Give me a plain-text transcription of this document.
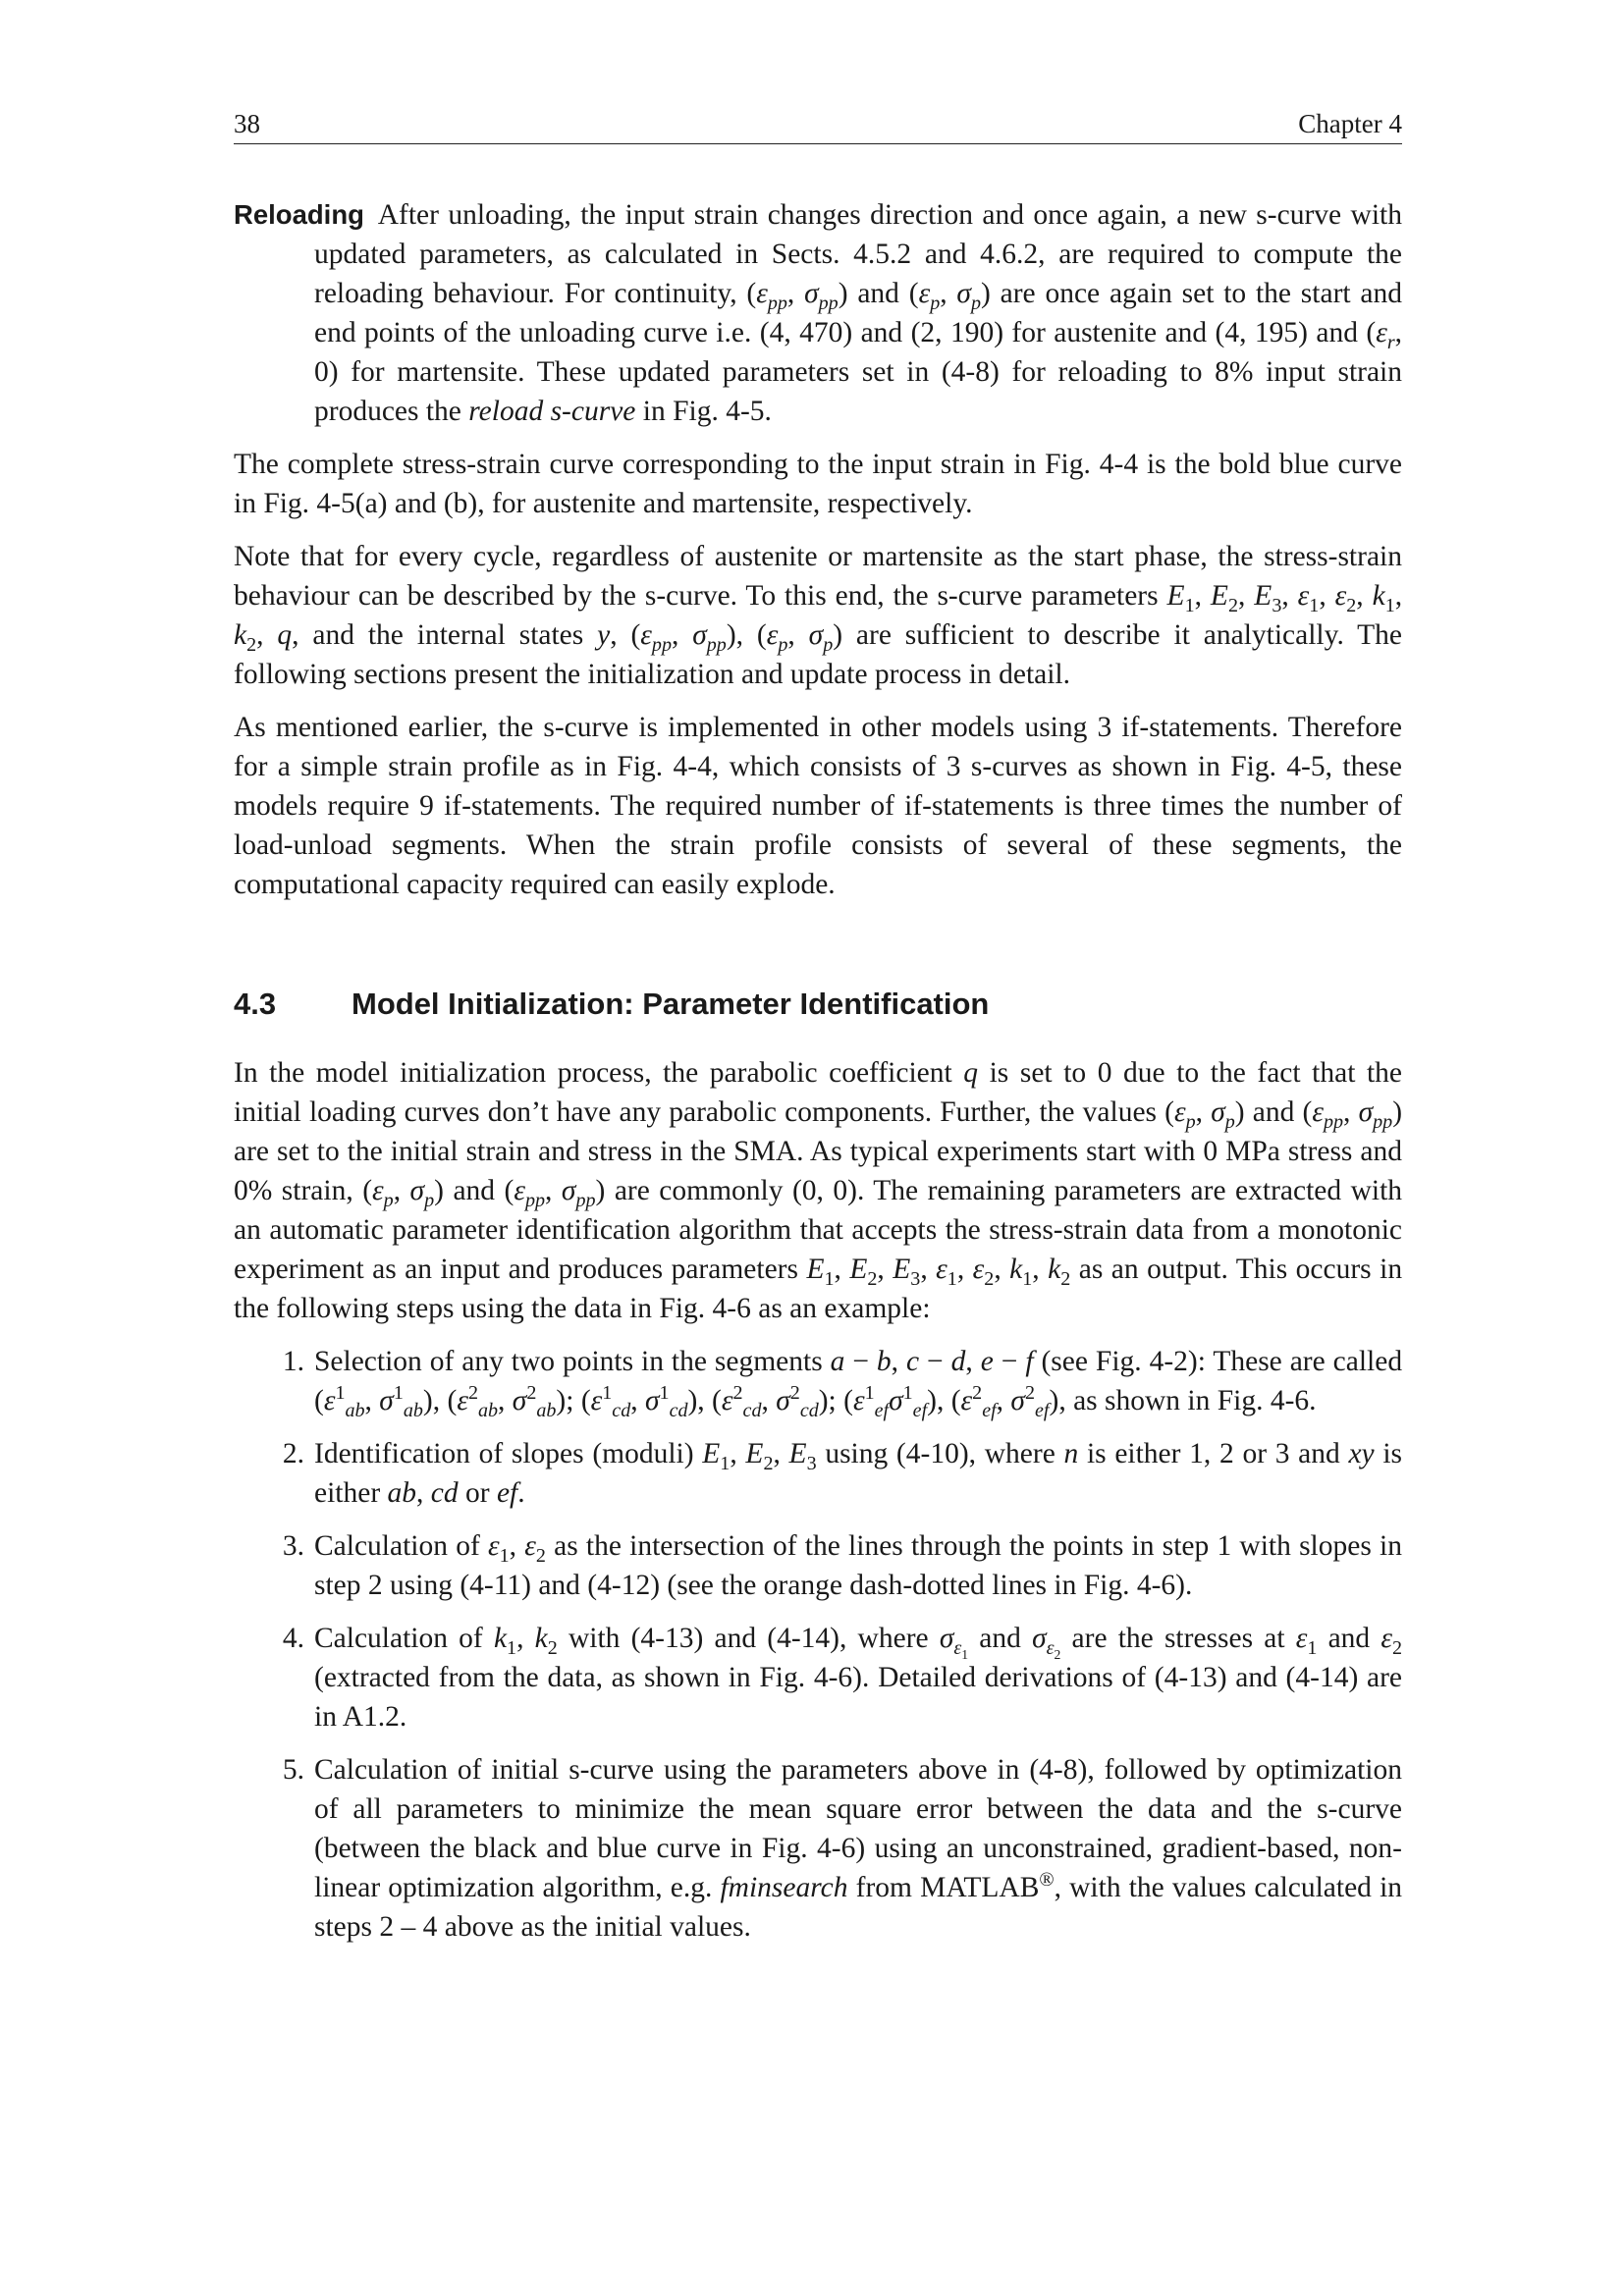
38	Chapter 4

Reloading After unloading, the input strain changes direction and once again, a new s-curve with updated parameters, as calculated in Sects. 4.5.2 and 4.6.2, are required to compute the reloading behaviour. For continuity, ($\varepsilon_{pp}$, $\sigma_{pp}$) and ($\varepsilon_p$, $\sigma_p$) are once again set to the start and end points of the unloading curve i.e. (4, 470) and (2, 190) for austenite and (4, 195) and ($\varepsilon_r$, 0) for martensite. These updated parameters set in (4-8) for reloading to 8% input strain produces the reload s-curve in Fig. 4-5.

The complete stress-strain curve corresponding to the input strain in Fig. 4-4 is the bold blue curve in Fig. 4-5(a) and (b), for austenite and martensite, respectively.

Note that for every cycle, regardless of austenite or martensite as the start phase, the stress-strain behaviour can be described by the s-curve. To this end, the s-curve parameters $E_1$, $E_2$, $E_3$, $\varepsilon_1$, $\varepsilon_2$, $k_1$, $k_2$, q, and the internal states y, ($\varepsilon_{pp}$, $\sigma_{pp}$), ($\varepsilon_p$, $\sigma_p$) are sufficient to describe it analytically. The following sections present the initialization and update process in detail.

As mentioned earlier, the s-curve is implemented in other models using 3 if-statements. Therefore for a simple strain profile as in Fig. 4-4, which consists of 3 s-curves as shown in Fig. 4-5, these models require 9 if-statements. The required number of if-statements is three times the number of load-unload segments. When the strain profile consists of several of these segments, the computational capacity required can easily explode.

4.3	Model Initialization: Parameter Identification

In the model initialization process, the parabolic coefficient q is set to 0 due to the fact that the initial loading curves don’t have any parabolic components. Further, the values ($\varepsilon_p$, $\sigma_p$) and ($\varepsilon_{pp}$, $\sigma_{pp}$) are set to the initial strain and stress in the SMA. As typical experiments start with 0 MPa stress and 0% strain, ($\varepsilon_p$, $\sigma_p$) and ($\varepsilon_{pp}$, $\sigma_{pp}$) are commonly (0, 0). The remaining parameters are extracted with an automatic parameter identification algorithm that accepts the stress-strain data from a monotonic experiment as an input and produces parameters $E_1$, $E_2$, $E_3$, $\varepsilon_1$, $\varepsilon_2$, $k_1$, $k_2$ as an output. This occurs in the following steps using the data in Fig. 4-6 as an example:

1. Selection of any two points in the segments a − b, c − d, e − f (see Fig. 4-2): These are called ($\varepsilon^1_{ab}$, $\sigma^1_{ab}$), ($\varepsilon^2_{ab}$, $\sigma^2_{ab}$); ($\varepsilon^1_{cd}$, $\sigma^1_{cd}$), ($\varepsilon^2_{cd}$, $\sigma^2_{cd}$); $(\varepsilon^1_{ef}\sigma^1_{ef})$, ($\varepsilon^2_{ef}$, $\sigma^2_{ef}$), as shown in Fig. 4-6.
2. Identification of slopes (moduli) $E_1$, $E_2$, $E_3$ using (4-10), where n is either 1, 2 or 3 and xy is either ab, cd or ef.
3. Calculation of $\varepsilon_1$, $\varepsilon_2$ as the intersection of the lines through the points in step 1 with slopes in step 2 using (4-11) and (4-12) (see the orange dash-dotted lines in Fig. 4-6).
4. Calculation of $k_1$, $k_2$ with (4-13) and (4-14), where $\sigma_{\varepsilon_1}$ and $\sigma_{\varepsilon_2}$ are the stresses at $\varepsilon_1$ and $\varepsilon_2$ (extracted from the data, as shown in Fig. 4-6). Detailed derivations of (4-13) and (4-14) are in A1.2.
5. Calculation of initial s-curve using the parameters above in (4-8), followed by optimization of all parameters to minimize the mean square error between the data and the s-curve (between the black and blue curve in Fig. 4-6) using an unconstrained, gradient-based, non-linear optimization algorithm, e.g. fminsearch from MATLAB®, with the values calculated in steps 2 – 4 above as the initial values.
